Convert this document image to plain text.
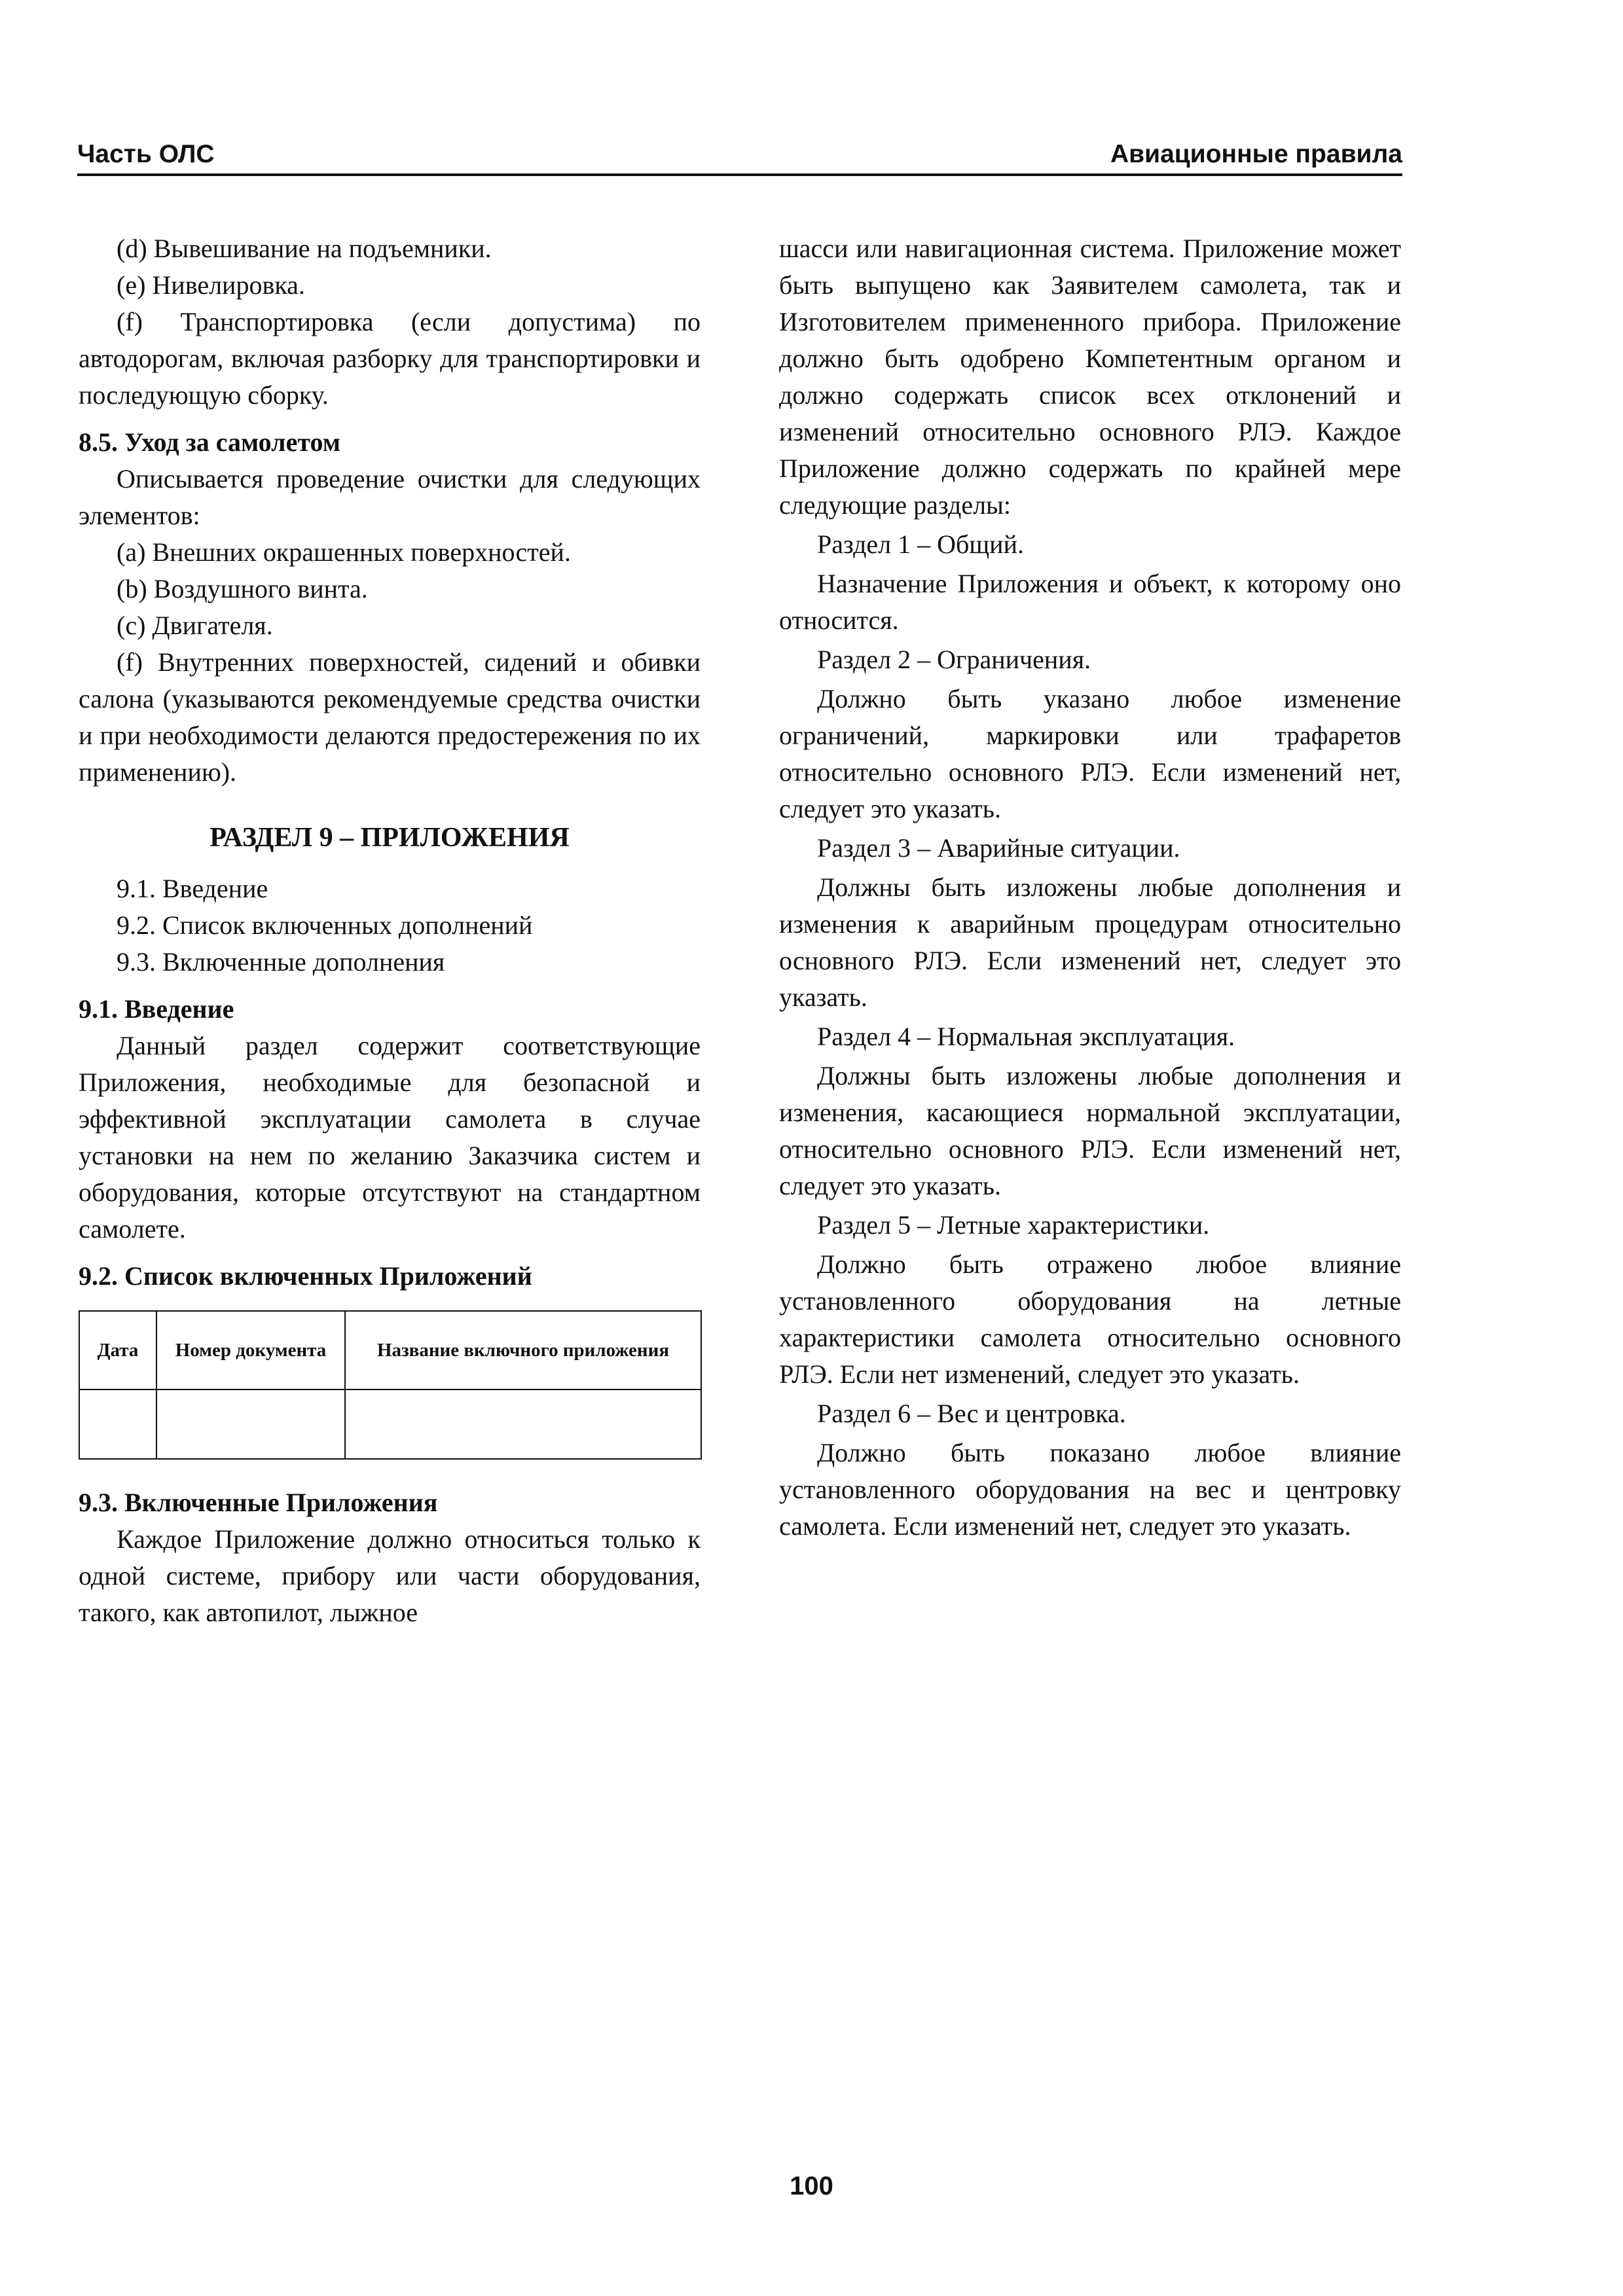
Часть ОЛС	Авиационные правила

(d) Вывешивание на подъемники.

(e) Нивелировка.

(f) Транспортировка (если допустима) по автодорогам, включая разборку для транспортировки и последующую сборку.

8.5. Уход за самолетом

Описывается проведение очистки для следующих элементов:

(a) Внешних окрашенных поверхностей.

(b) Воздушного винта.

(c) Двигателя.

(f) Внутренних поверхностей, сидений и обивки салона (указываются рекомендуемые средства очистки и при необходимости делаются предостережения по их применению).

РАЗДЕЛ 9 – ПРИЛОЖЕНИЯ

9.1. Введение

9.2. Список включенных дополнений

9.3. Включенные дополнения

9.1. Введение

Данный раздел содержит соответствующие Приложения, необходимые для безопасной и эффективной эксплуатации самолета в случае установки на нем по желанию Заказчика систем и оборудования, которые отсутствуют на стандартном самолете.

9.2. Список включенных Приложений

Дата	Номер документа	Название включного приложения

9.3. Включенные Приложения

Каждое Приложение должно относиться только к одной системе, прибору или части оборудования, такого, как автопилот, лыжное

шасси или навигационная система. Приложение может быть выпущено как Заявителем самолета, так и Изготовителем примененного прибора. Приложение должно быть одобрено Компетентным органом и должно содержать список всех отклонений и изменений относительно основного РЛЭ. Каждое Приложение должно содержать по крайней мере следующие разделы:

Раздел 1 – Общий.

Назначение Приложения и объект, к которому оно относится.

Раздел 2 – Ограничения.

Должно быть указано любое изменение ограничений, маркировки или трафаретов относительно основного РЛЭ. Если изменений нет, следует это указать.

Раздел 3 – Аварийные ситуации.

Должны быть изложены любые дополнения и изменения к аварийным процедурам относительно основного РЛЭ. Если изменений нет, следует это указать.

Раздел 4 – Нормальная эксплуатация.

Должны быть изложены любые дополнения и изменения, касающиеся нормальной эксплуатации, относительно основного РЛЭ. Если изменений нет, следует это указать.

Раздел 5 – Летные характеристики.

Должно быть отражено любое влияние установленного оборудования на летные характеристики самолета относительно основного РЛЭ. Если нет изменений, следует это указать.

Раздел 6 – Вес и центровка.

Должно быть показано любое влияние установленного оборудования на вес и центровку самолета. Если изменений нет, следует это указать.

100
